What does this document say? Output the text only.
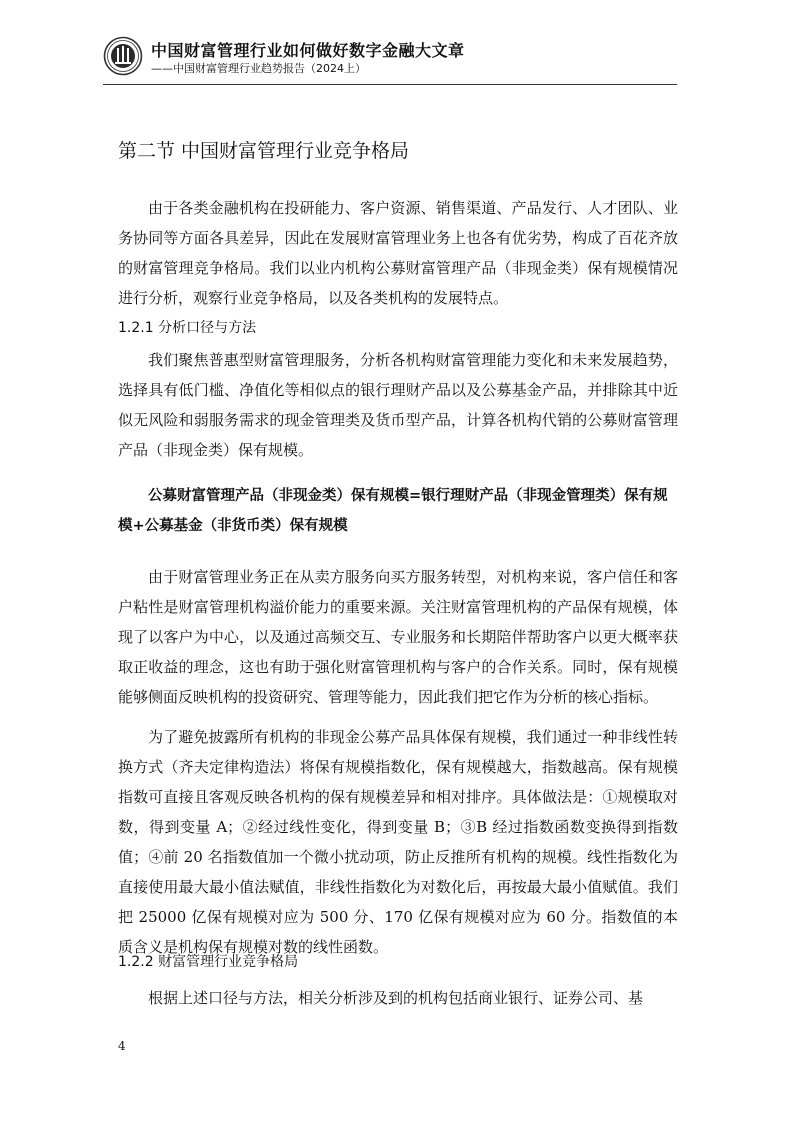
中国财富管理行业如何做好数字金融大文章
——中国财富管理行业趋势报告（2024上）
第二节 中国财富管理行业竞争格局

由于各类金融机构在投研能力、客户资源、销售渠道、产品发行、人才团队、业务协同等方面各具差异，因此在发展财富管理业务上也各有优劣势，构成了百花齐放的财富管理竞争格局。我们以业内机构公募财富管理产品（非现金类）保有规模情况进行分析，观察行业竞争格局，以及各类机构的发展特点。

1.2.1 分析口径与方法

我们聚焦普惠型财富管理服务，分析各机构财富管理能力变化和未来发展趋势，选择具有低门槛、净值化等相似点的银行理财产品以及公募基金产品，并排除其中近似无风险和弱服务需求的现金管理类及货币型产品，计算各机构代销的公募财富管理产品（非现金类）保有规模。

公募财富管理产品（非现金类）保有规模=银行理财产品（非现金管理类）保有规模+公募基金（非货币类）保有规模

由于财富管理业务正在从卖方服务向买方服务转型，对机构来说，客户信任和客户粘性是财富管理机构溢价能力的重要来源。关注财富管理机构的产品保有规模，体现了以客户为中心，以及通过高频交互、专业服务和长期陪伴帮助客户以更大概率获取正收益的理念，这也有助于强化财富管理机构与客户的合作关系。同时，保有规模能够侧面反映机构的投资研究、管理等能力，因此我们把它作为分析的核心指标。

为了避免披露所有机构的非现金公募产品具体保有规模，我们通过一种非线性转换方式（齐夫定律构造法）将保有规模指数化，保有规模越大，指数越高。保有规模指数可直接且客观反映各机构的保有规模差异和相对排序。具体做法是：①规模取对数，得到变量 A；②经过线性变化，得到变量 B；③B 经过指数函数变换得到指数值；④前 20 名指数值加一个微小扰动项，防止反推所有机构的规模。线性指数化为直接使用最大最小值法赋值，非线性指数化为对数化后，再按最大最小值赋值。我们把 25000 亿保有规模对应为 500 分、170 亿保有规模对应为 60 分。指数值的本质含义是机构保有规模对数的线性函数。

1.2.2 财富管理行业竞争格局

根据上述口径与方法，相关分析涉及到的机构包括商业银行、证券公司、基

4
